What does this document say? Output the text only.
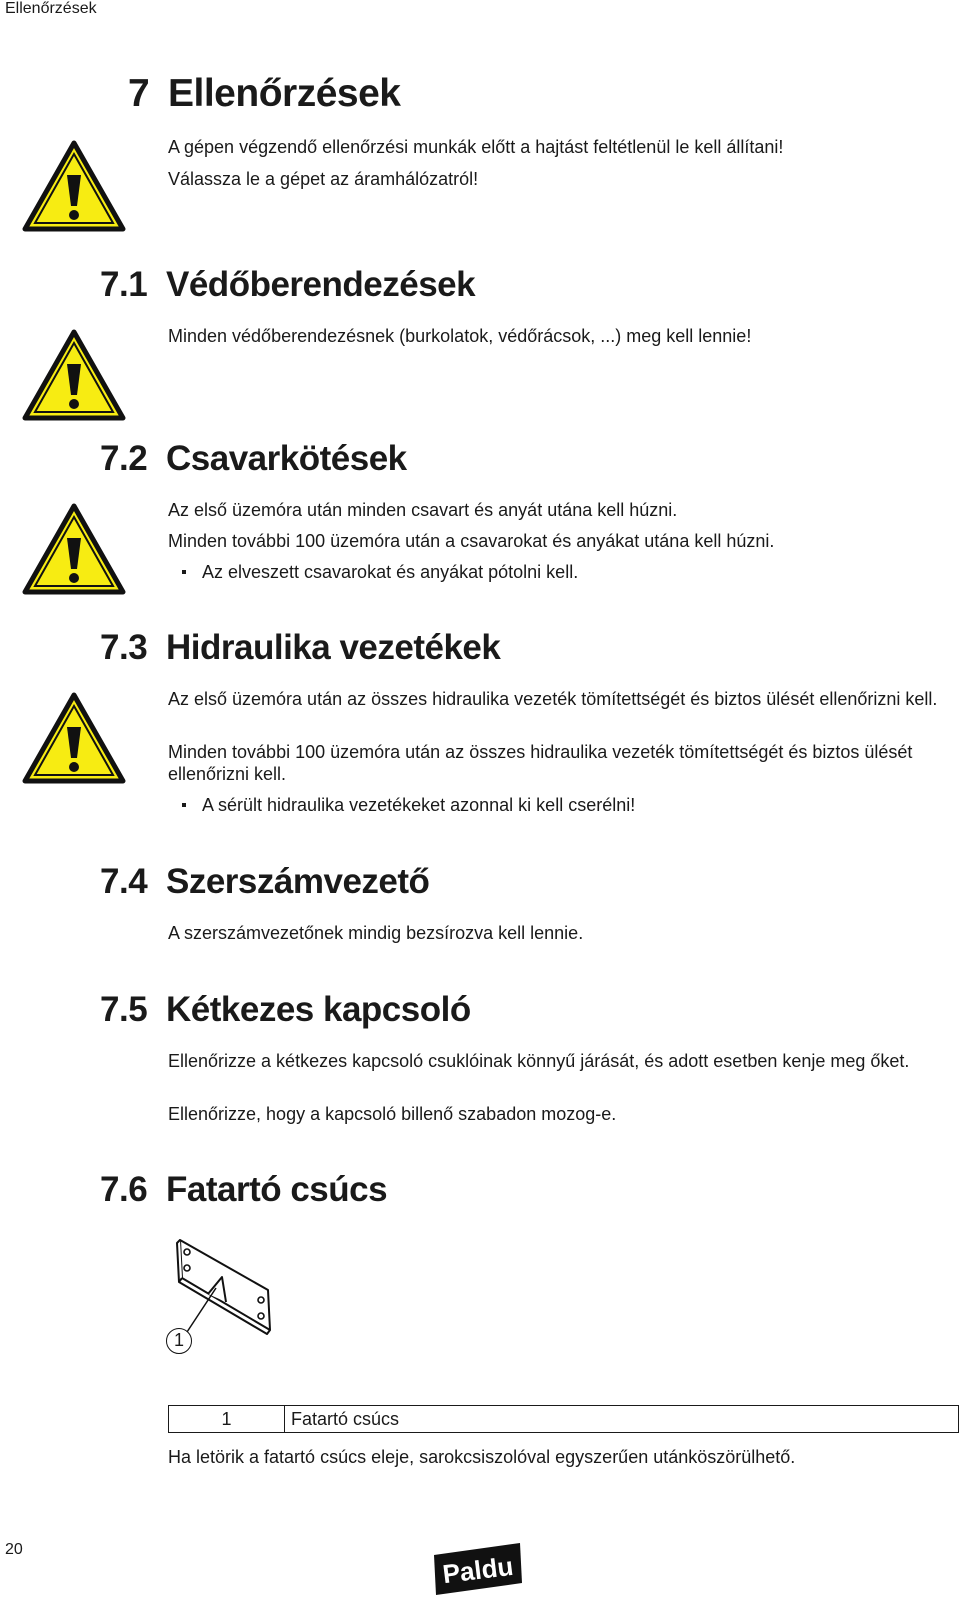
Ellenőrzések
7 Ellenőrzések
A gépen végzendő ellenőrzési munkák előtt a hajtást feltétlenül le kell állítani!
Válassza le a gépet az áramhálózatról!
7.1 Védőberendezések
Minden védőberendezésnek (burkolatok, védőrácsok, ...) meg kell lennie!
7.2 Csavarkötések
Az első üzemóra után minden csavart és anyát utána kell húzni.
Minden további 100 üzemóra után a csavarokat és anyákat utána kell húzni.
Az elveszett csavarokat és anyákat pótolni kell.
7.3 Hidraulika vezetékek
Az első üzemóra után az összes hidraulika vezeték tömítettségét és biztos ülését ellenőrizni kell.
Minden további 100 üzemóra után az összes hidraulika vezeték tömítettségét és biztos ülését ellenőrizni kell.
A sérült hidraulika vezetékeket azonnal ki kell cserélni!
7.4 Szerszámvezető
A szerszámvezetőnek mindig bezsírozva kell lennie.
7.5 Kétkezes kapcsoló
Ellenőrizze a kétkezes kapcsoló csuklóinak könnyű járását, és adott esetben kenje meg őket.
Ellenőrizze, hogy a kapcsoló billenő szabadon mozog-e.
7.6 Fatartó csúcs
1
1	Fatartó csúcs
Ha letörik a fatartó csúcs eleje, sarokcsiszolóval egyszerűen utánköszörülhető.
20
Paldu
